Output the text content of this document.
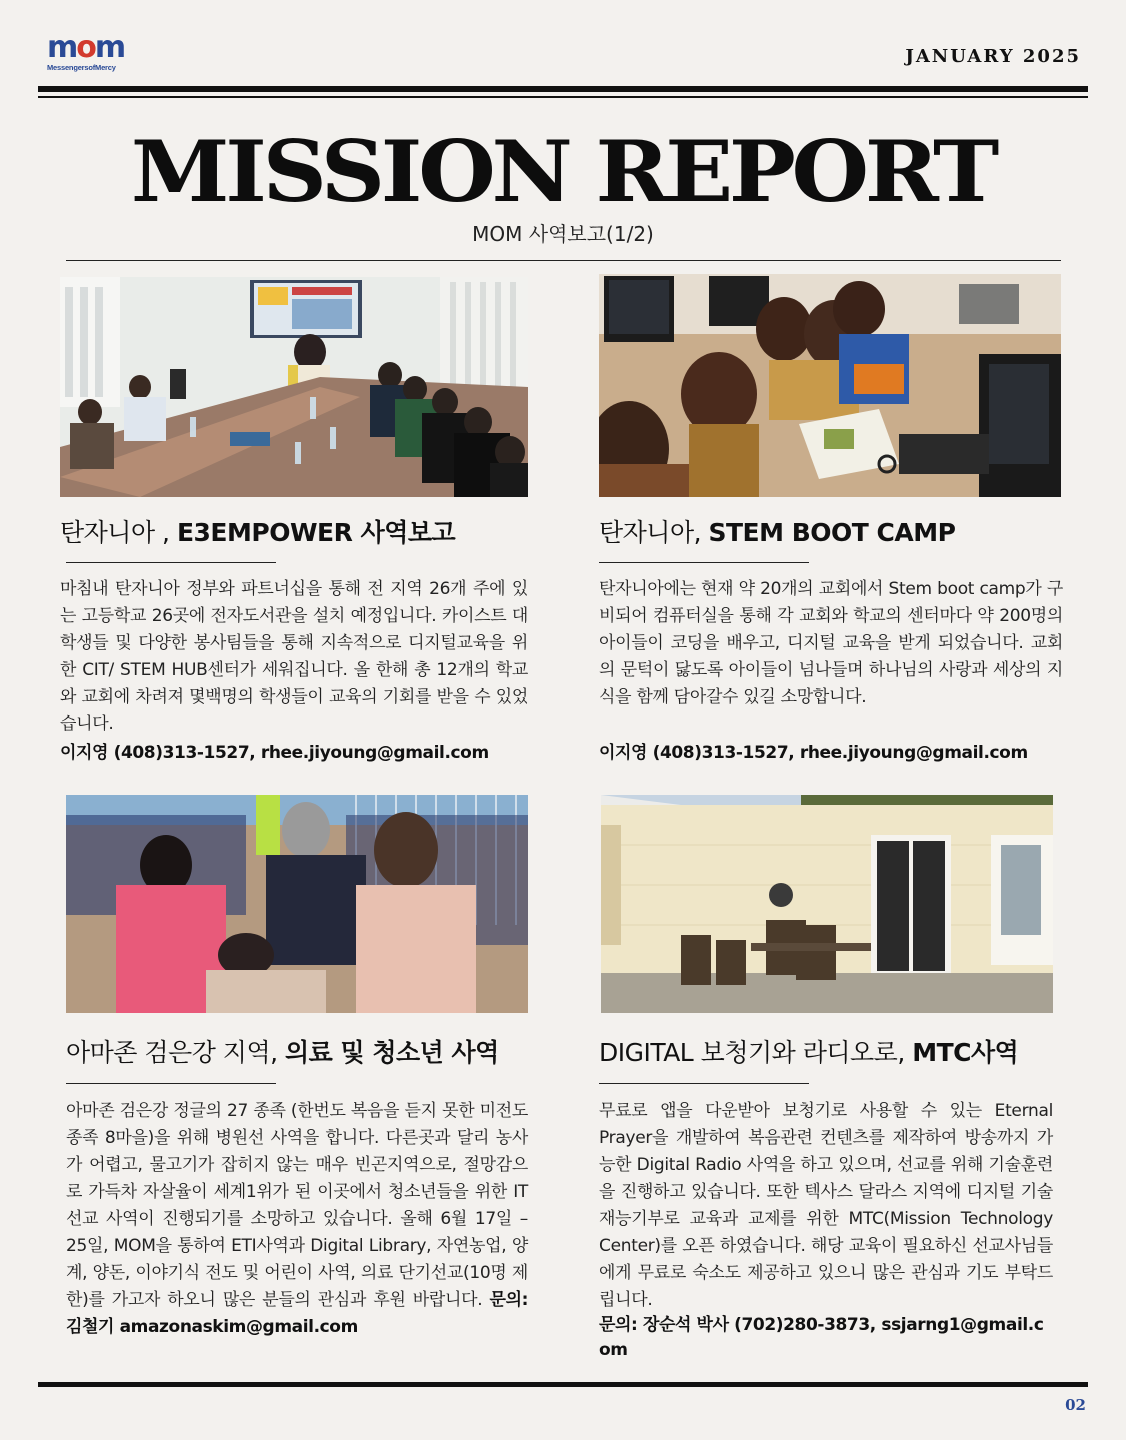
mom
MessengersofMercy
JANUARY 2025
MISSION REPORT
MOM 사역보고(1/2)
탄자니아 , E3EMPOWER 사역보고
마침내 탄자니아 정부와 파트너십을 통해 전 지역 26개 주에 있는 고등학교 26곳에 전자도서관을 설치 예정입니다. 카이스트 대학생들 및 다양한 봉사팀들을 통해 지속적으로 디지털교육을 위한 CIT/ STEM HUB센터가 세워집니다. 올 한해 총 12개의 학교와 교회에 차려져 몇백명의 학생들이 교육의 기회를 받을 수 있었습니다.
이지영 (408)313-1527, rhee.jiyoung@gmail.com
탄자니아, STEM BOOT CAMP
탄자니아에는 현재 약 20개의 교회에서 Stem boot camp가 구비되어 컴퓨터실을 통해 각 교회와 학교의 센터마다 약 200명의 아이들이 코딩을 배우고, 디지털 교육을 받게 되었습니다. 교회의 문턱이 닳도록 아이들이 넘나들며 하나님의 사랑과 세상의 지식을 함께 담아갈수 있길 소망합니다.
이지영 (408)313-1527, rhee.jiyoung@gmail.com
아마존 검은강 지역, 의료 및 청소년 사역
아마존 검은강 정글의 27 종족 (한번도 복음을 듣지 못한 미전도 종족 8마을)을 위해 병원선 사역을 합니다. 다른곳과 달리 농사가 어렵고, 물고기가 잡히지 않는 매우 빈곤지역으로, 절망감으로 가득차 자살율이 세계1위가 된 이곳에서 청소년들을 위한 IT 선교 사역이 진행되기를 소망하고 있습니다. 올해 6월 17일 – 25일, MOM을 통하여 ETI사역과 Digital Library, 자연농업, 양계, 양돈, 이야기식 전도 및 어린이 사역, 의료 단기선교(10명 제한)를 가고자 하오니 많은 분들의 관심과 후원 바랍니다. 문의: 김철기 amazonaskim@gmail.com
DIGITAL 보청기와 라디오로, MTC사역
무료로 앱을 다운받아 보청기로 사용할 수 있는 Eternal Prayer을 개발하여 복음관련 컨텐츠를 제작하여 방송까지 가능한 Digital Radio 사역을 하고 있으며, 선교를 위해 기술훈련을 진행하고 있습니다. 또한 텍사스 달라스 지역에 디지털 기술 재능기부로 교육과 교제를 위한 MTC(Mission Technology Center)를 오픈 하였습니다. 해당 교육이 필요하신 선교사님들에게 무료로 숙소도 제공하고 있으니 많은 관심과 기도 부탁드립니다.
문의: 장순석 박사 (702)280-3873, ssjarng1@gmail.com
02
